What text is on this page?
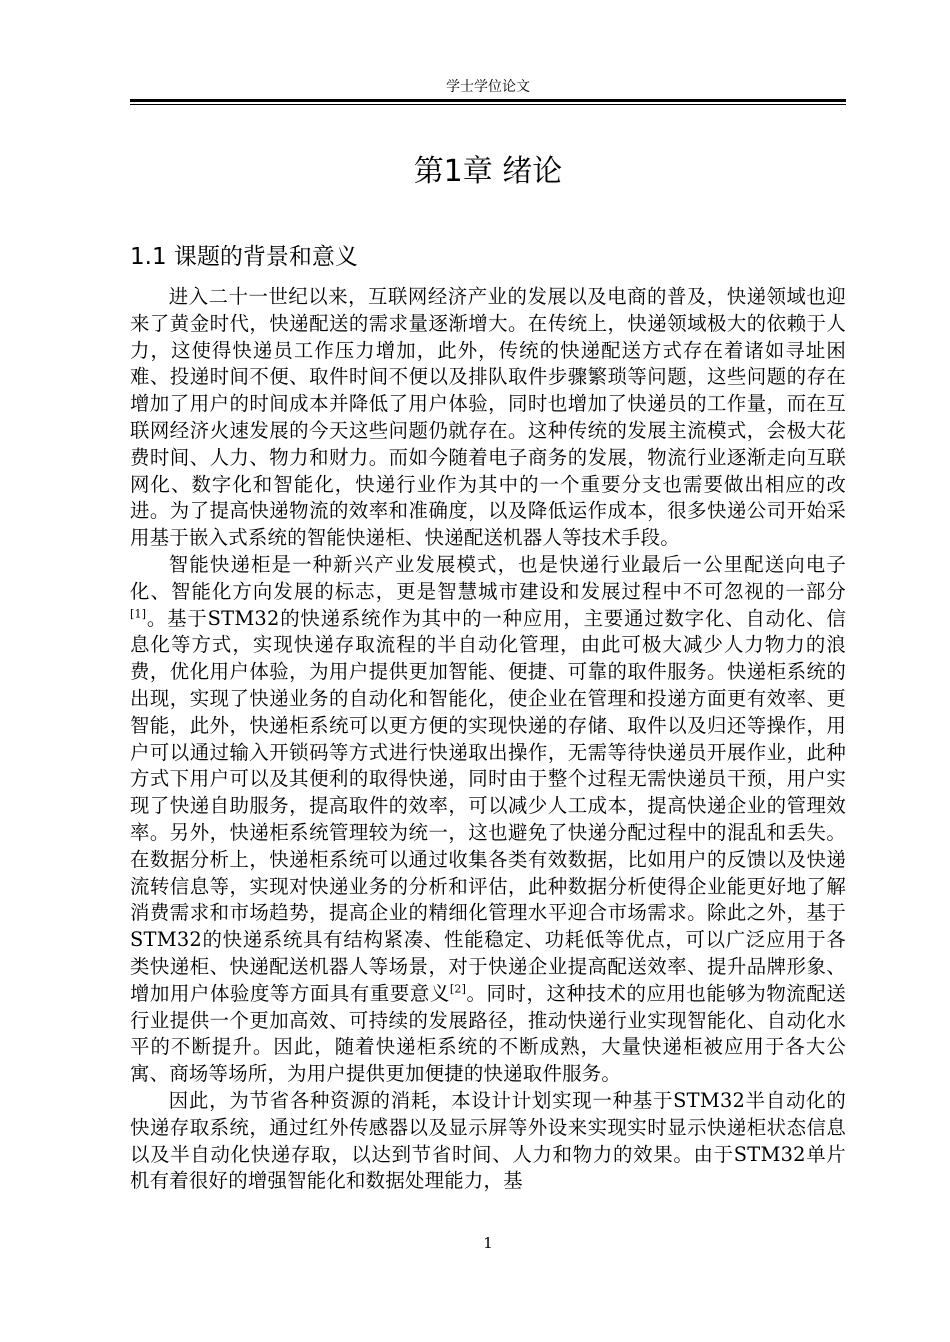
学士学位论文
第1章 绪论
1.1 课题的背景和意义

进入二十一世纪以来，互联网经济产业的发展以及电商的普及，快递领域也迎来了黄金时代，快递配送的需求量逐渐增大。在传统上，快递领域极大的依赖于人力，这使得快递员工作压力增加，此外，传统的快递配送方式存在着诸如寻址困难、投递时间不便、取件时间不便以及排队取件步骤繁琐等问题，这些问题的存在增加了用户的时间成本并降低了用户体验，同时也增加了快递员的工作量，而在互联网经济火速发展的今天这些问题仍就存在。这种传统的发展主流模式，会极大花费时间、人力、物力和财力。而如今随着电子商务的发展，物流行业逐渐走向互联网化、数字化和智能化，快递行业作为其中的一个重要分支也需要做出相应的改进。为了提高快递物流的效率和准确度，以及降低运作成本，很多快递公司开始采用基于嵌入式系统的智能快递柜、快递配送机器人等技术手段。

智能快递柜是一种新兴产业发展模式，也是快递行业最后一公里配送向电子化、智能化方向发展的标志，更是智慧城市建设和发展过程中不可忽视的一部分[1]。基于STM32的快递系统作为其中的一种应用，主要通过数字化、自动化、信息化等方式，实现快递存取流程的半自动化管理，由此可极大减少人力物力的浪费，优化用户体验，为用户提供更加智能、便捷、可靠的取件服务。快递柜系统的出现，实现了快递业务的自动化和智能化，使企业在管理和投递方面更有效率、更智能，此外，快递柜系统可以更方便的实现快递的存储、取件以及归还等操作，用户可以通过输入开锁码等方式进行快递取出操作，无需等待快递员开展作业，此种方式下用户可以及其便利的取得快递，同时由于整个过程无需快递员干预，用户实现了快递自助服务，提高取件的效率，可以减少人工成本，提高快递企业的管理效率。另外，快递柜系统管理较为统一，这也避免了快递分配过程中的混乱和丢失。在数据分析上，快递柜系统可以通过收集各类有效数据，比如用户的反馈以及快递流转信息等，实现对快递业务的分析和评估，此种数据分析使得企业能更好地了解消费需求和市场趋势，提高企业的精细化管理水平迎合市场需求。除此之外，基于STM32的快递系统具有结构紧凑、性能稳定、功耗低等优点，可以广泛应用于各类快递柜、快递配送机器人等场景，对于快递企业提高配送效率、提升品牌形象、增加用户体验度等方面具有重要意义[2]。同时，这种技术的应用也能够为物流配送行业提供一个更加高效、可持续的发展路径，推动快递行业实现智能化、自动化水平的不断提升。因此，随着快递柜系统的不断成熟，大量快递柜被应用于各大公寓、商场等场所，为用户提供更加便捷的快递取件服务。

因此，为节省各种资源的消耗，本设计计划实现一种基于STM32半自动化的快递存取系统，通过红外传感器以及显示屏等外设来实现实时显示快递柜状态信息以及半自动化快递存取，以达到节省时间、人力和物力的效果。由于STM32单片机有着很好的增强智能化和数据处理能力，基

1
